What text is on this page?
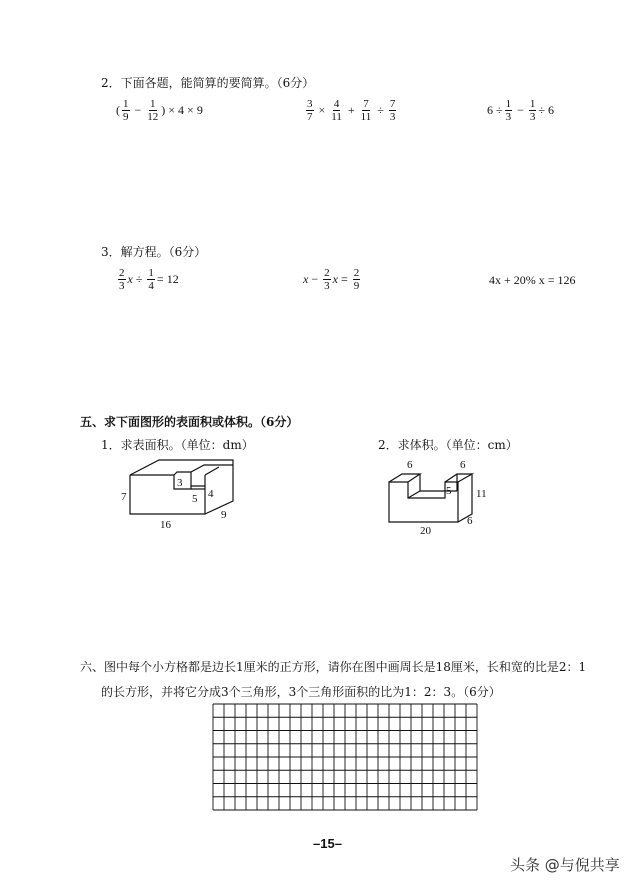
2．下面各题，能简算的要简算。（6分）
( $\frac{1}{9} - \frac{1}{12}$ ) × 4 × 9	$\frac{3}{7} \times \frac{4}{11} + \frac{7}{11} \div \frac{7}{3}$	$6 \div \frac{1}{3} - \frac{1}{3} \div 6$
3．解方程。（6分）
$\frac{2}{3}$ $x \div \frac{1}{4} = 12$	$x - \frac{2}{3}$ $x = \frac{2}{9}$	4x + 20% x = 126
五、求下面图形的表面积或体积。（6分）
1．求表面积。（单位：dm）	2．求体积。（单位：cm）
7
16
9
3
5 4
6	6
5 11
6
20
六、图中每个小方格都是边长1厘米的正方形，请你在图中画周长是18厘米，长和宽的比是2：1
的长方形，并将它分成3个三角形，3个三角形面积的比为1：2：3。（6分）
–15–
头条 @与倪共享
